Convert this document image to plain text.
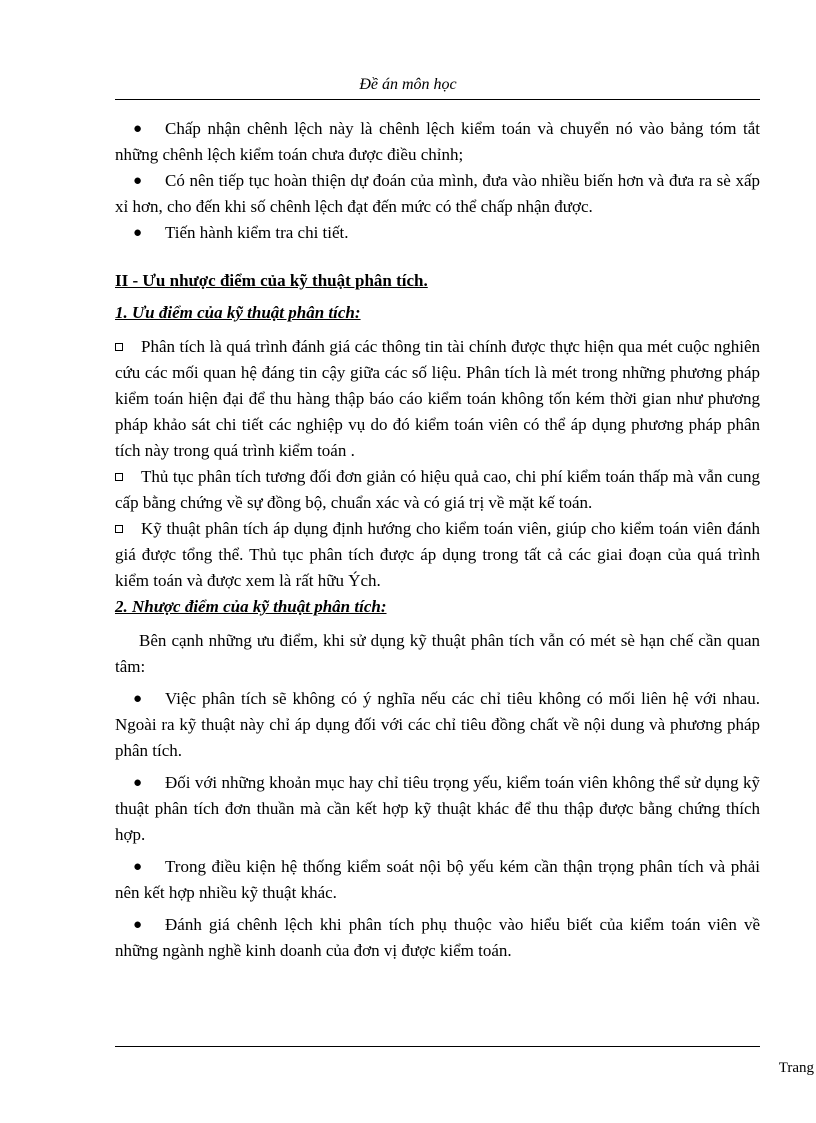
Đề án môn học

● Chấp nhận chênh lệch này là chênh lệch kiểm toán và chuyển nó vào bảng tóm tắt những chênh lệch kiểm toán chưa được điều chỉnh;

● Có nên tiếp tục hoàn thiện dự đoán của mình, đưa vào nhiều biến hơn và đưa ra sè xấp xỉ hơn, cho đến khi số chênh lệch đạt đến mức có thể chấp nhận được.

● Tiến hành kiểm tra chi tiết.

II - Ưu nhược điểm của kỹ thuật phân tích.

1. Ưu điểm của kỹ thuật phân tích:

Phân tích là quá trình đánh giá các thông tin tài chính được thực hiện qua mét cuộc nghiên cứu các mối quan hệ đáng tin cậy giữa các số liệu. Phân tích là mét trong những phương pháp kiểm toán hiện đại để thu hàng thập báo cáo kiểm toán không tốn kém thời gian như phương pháp khảo sát chi tiết các nghiệp vụ do đó kiểm toán viên có thể áp dụng phương pháp phân tích này trong quá trình kiểm toán .

Thủ tục phân tích tương đối đơn giản có hiệu quả cao, chi phí kiểm toán thấp mà vẫn cung cấp bằng chứng về sự đồng bộ, chuẩn xác và có giá trị về mặt kế toán.

Kỹ thuật phân tích áp dụng định hướng cho kiểm toán viên, giúp cho kiểm toán viên đánh giá được tổng thể. Thủ tục phân tích được áp dụng trong tất cả các giai đoạn của quá trình kiểm toán và được xem là rất hữu Ých.

2. Nhược điểm của kỹ thuật phân tích:

Bên cạnh những ưu điểm, khi sử dụng kỹ thuật phân tích vẫn có mét sè hạn chế cần quan tâm:

● Việc phân tích sẽ không có ý nghĩa nếu các chỉ tiêu không có mối liên hệ với nhau. Ngoài ra kỹ thuật này chỉ áp dụng đối với các chỉ tiêu đồng chất về nội dung và phương pháp phân tích.

● Đối với những khoản mục hay chỉ tiêu trọng yếu, kiểm toán viên không thể sử dụng kỹ thuật phân tích đơn thuần mà cần kết hợp kỹ thuật khác để thu thập được bằng chứng thích hợp.

● Trong điều kiện hệ thống kiểm soát nội bộ yếu kém cần thận trọng phân tích và phải nên kết hợp nhiều kỹ thuật khác.

● Đánh giá chênh lệch khi phân tích phụ thuộc vào hiểu biết của kiểm toán viên về những ngành nghề kinh doanh của đơn vị được kiểm toán.

Trang
